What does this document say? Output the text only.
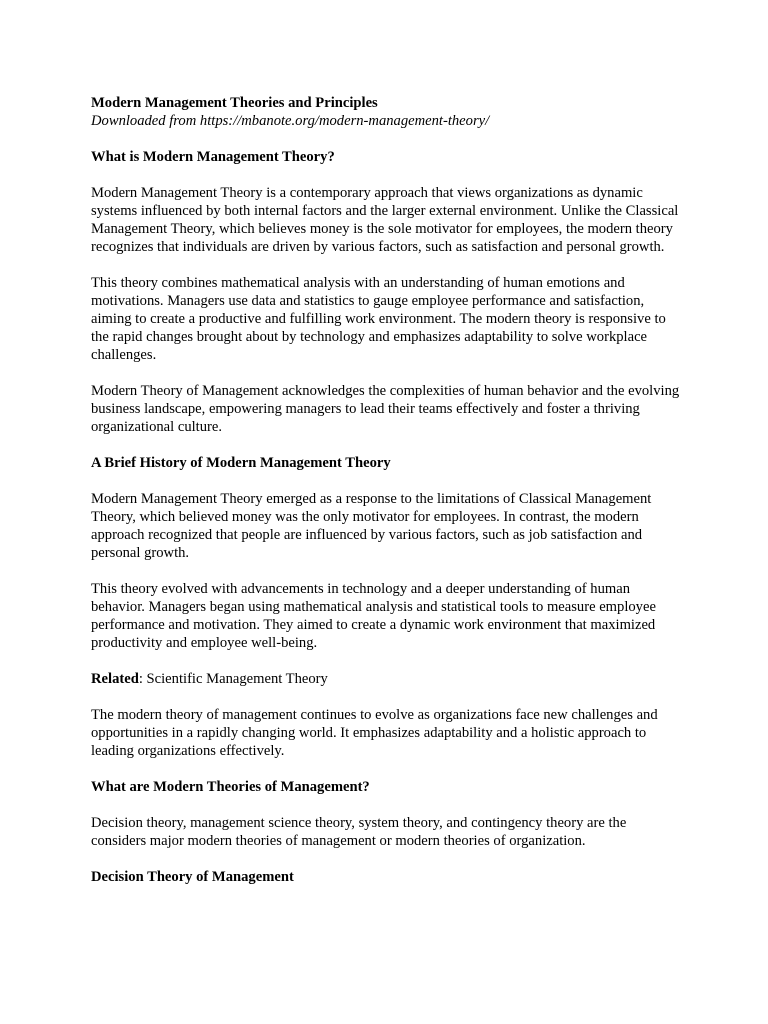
Modern Management Theories and Principles

Downloaded from https://mbanote.org/modern-management-theory/

What is Modern Management Theory?

Modern Management Theory is a contemporary approach that views organizations as dynamic systems influenced by both internal factors and the larger external environment. Unlike the Classical Management Theory, which believes money is the sole motivator for employees, the modern theory recognizes that individuals are driven by various factors, such as satisfaction and personal growth.

This theory combines mathematical analysis with an understanding of human emotions and motivations. Managers use data and statistics to gauge employee performance and satisfaction, aiming to create a productive and fulfilling work environment. The modern theory is responsive to the rapid changes brought about by technology and emphasizes adaptability to solve workplace challenges.

Modern Theory of Management acknowledges the complexities of human behavior and the evolving business landscape, empowering managers to lead their teams effectively and foster a thriving organizational culture.

A Brief History of Modern Management Theory

Modern Management Theory emerged as a response to the limitations of Classical Management Theory, which believed money was the only motivator for employees. In contrast, the modern approach recognized that people are influenced by various factors, such as job satisfaction and personal growth.

This theory evolved with advancements in technology and a deeper understanding of human behavior. Managers began using mathematical analysis and statistical tools to measure employee performance and motivation. They aimed to create a dynamic work environment that maximized productivity and employee well-being.

Related: Scientific Management Theory

The modern theory of management continues to evolve as organizations face new challenges and opportunities in a rapidly changing world. It emphasizes adaptability and a holistic approach to leading organizations effectively.

What are Modern Theories of Management?

Decision theory, management science theory, system theory, and contingency theory are the considers major modern theories of management or modern theories of organization.

Decision Theory of Management
